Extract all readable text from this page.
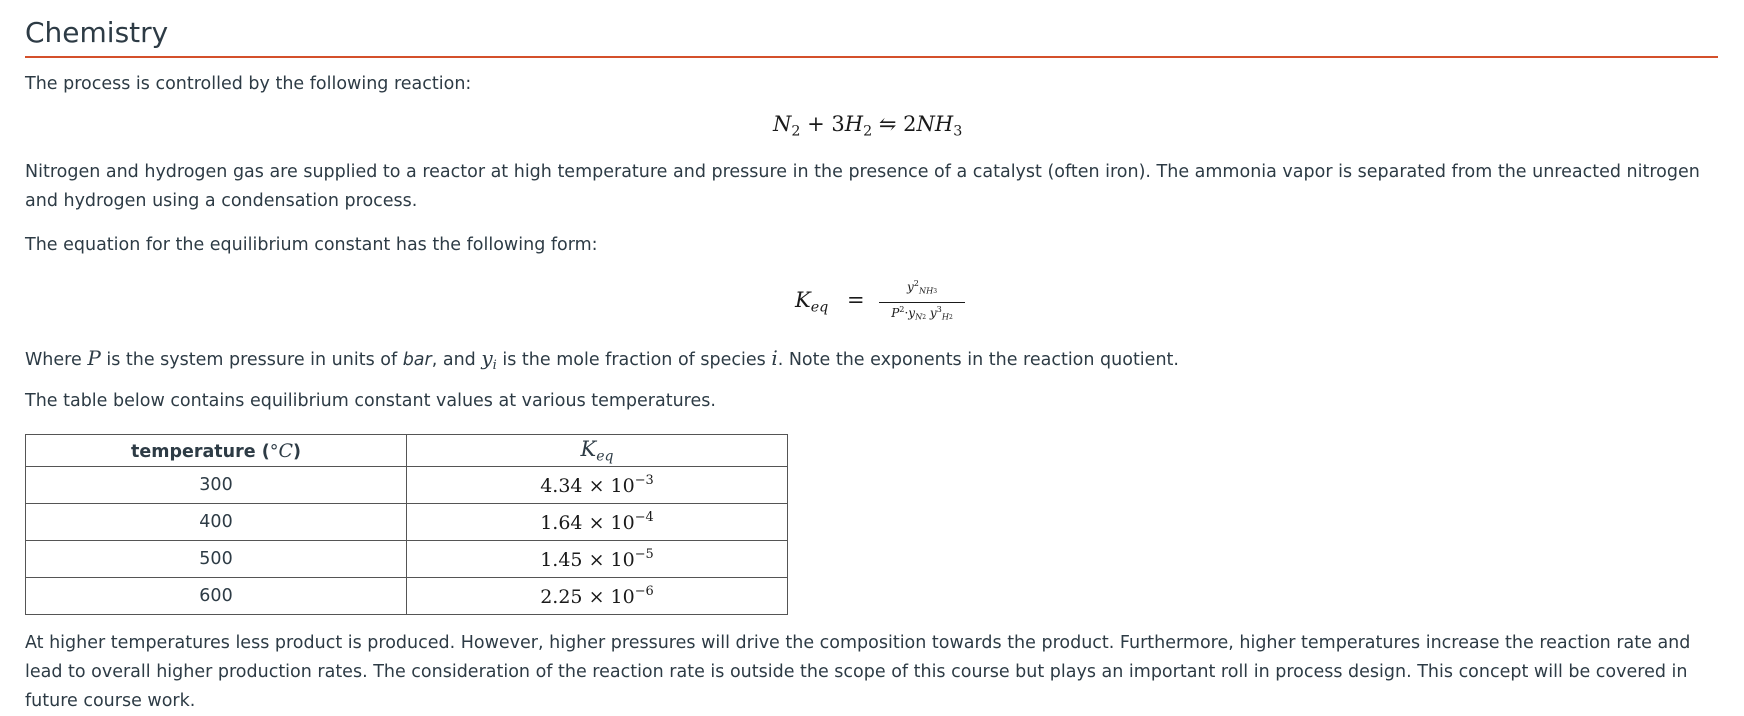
Chemistry

The process is controlled by the following reaction:

$N_2 + 3H_2$ ⇋ $2NH_3$

Nitrogen and hydrogen gas are supplied to a reactor at high temperature and pressure in the presence of a catalyst (often iron). The ammonia vapor is separated from the unreacted nitrogen and hydrogen using a condensation process.

The equation for the equilibrium constant has the following form:

$K_{eq}$ =
$y^2_{NH3}$
$P^2\cdot y_{N2}$ $y^3_{H2}$

Where P is the system pressure in units of bar, and $y_i$ is the mole fraction of species i. Note the exponents in the reaction quotient.

The table below contains equilibrium constant values at various temperatures.

temperature (°C)	$K_{eq}$
300	$4.34 \times 10^{-3}$
400	$1.64 \times 10^{-4}$
500	$1.45 \times 10^{-5}$
600	$2.25 \times 10^{-6}$

At higher temperatures less product is produced. However, higher pressures will drive the composition towards the product. Furthermore, higher temperatures increase the reaction rate and lead to overall higher production rates. The consideration of the reaction rate is outside the scope of this course but plays an important roll in process design. This concept will be covered in future course work.
